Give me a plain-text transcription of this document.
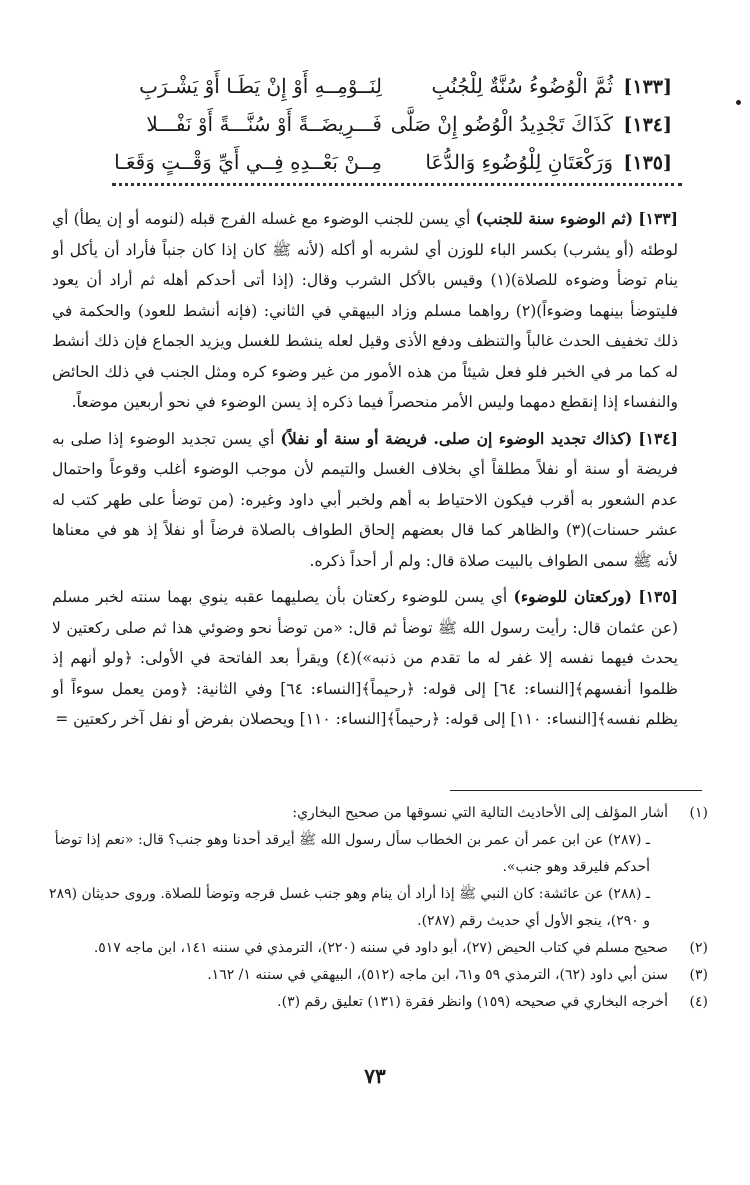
[١٣٣] ثُمَّ الْوُضُوءُ سُنَّةٌ لِلْجُنُبِ
لِنَــوْمِــهِ أَوْ إِنْ يَطَـا أَوْ يَشْـرَبِ
[١٣٤] كَذَاكَ تَجْدِيدُ الْوُضُو إِنْ صَلَّى
فَـــرِيضَــةً أَوْ سُنَّـــةً أَوْ نَفْـــلا
[١٣٥] وَرَكْعَتَانِ لِلْوُضُوءِ وَالدُّعَا
مِــنْ بَعْــدِهِ فِــي أَيِّ وَقْــتٍ وَقَعَـا

[١٣٣] (ثم الوضوء سنة للجنب) أي يسن للجنب الوضوء مع غسله الفرج قبله (لنومه أو إن يطأ) أي لوطئه (أو يشرب) بكسر الباء للوزن أي لشربه أو أكله (لأنه ﷺ كان إذا كان جنباً فأراد أن يأكل أو ينام توضأ وضوءه للصلاة)(١) وقيس بالأكل الشرب وقال: (إذا أتى أحدكم أهله ثم أراد أن يعود فليتوضأ بينهما وضوءاً)(٢) رواهما مسلم وزاد البيهقي في الثاني: (فإنه أنشط للعود) والحكمة في ذلك تخفيف الحدث غالباً والتنظف ودفع الأذى وقيل لعله ينشط للغسل ويزيد الجماع فإن ذلك أنشط له كما مر في الخبر فلو فعل شيئاً من هذه الأمور من غير وضوء كره ومثل الجنب في ذلك الحائض والنفساء إذا إنقطع دمهما وليس الأمر منحصراً فيما ذكره إذ يسن الوضوء في نحو أربعين موضعاً.

[١٣٤] (كذاك تجديد الوضوء إن صلى. فريضة أو سنة أو نفلاً) أي يسن تجديد الوضوء إذا صلى به فريضة أو سنة أو نفلاً مطلقاً أي بخلاف الغسل والتيمم لأن موجب الوضوء أغلب وقوعاً واحتمال عدم الشعور به أقرب فيكون الاحتياط به أهم ولخبر أبي داود وغيره: (من توضأ على طهر كتب له عشر حسنات)(٣) والظاهر كما قال بعضهم إلحاق الطواف بالصلاة فرضاً أو نفلاً إذ هو في معناها لأنه ﷺ سمى الطواف بالبيت صلاة قال: ولم أر أحداً ذكره.

[١٣٥] (وركعتان للوضوء) أي يسن للوضوء ركعتان بأن يصليهما عقبه ينوي بهما سنته لخبر مسلم (عن عثمان قال: رأيت رسول الله ﷺ توضأ ثم قال: «من توضأ نحو وضوئي هذا ثم صلى ركعتين لا يحدث فيهما نفسه إلا غفر له ما تقدم من ذنبه»)(٤) ويقرأ بعد الفاتحة في الأولى: ﴿ولو أنهم إذ ظلموا أنفسهم﴾[النساء: ٦٤] إلى قوله: ﴿رحيماً﴾[النساء: ٦٤] وفي الثانية: ﴿ومن يعمل سوءاً أو يظلم نفسه﴾[النساء: ١١٠] إلى قوله: ﴿رحيماً﴾[النساء: ١١٠] ويحصلان بفرض أو نفل آخر ركعتين =

(١)
أشار المؤلف إلى الأحاديث التالية التي نسوقها من صحيح البخاري:
ـ (٢٨٧) عن ابن عمر أن عمر بن الخطاب سأل رسول الله ﷺ أيرقد أحدنا وهو جنب؟ قال: «نعم إذا توضأ أحدكم فليرقد وهو جنب».
ـ (٢٨٨) عن عائشة: كان النبي ﷺ إذا أراد أن ينام وهو جنب غسل فرجه وتوضأ للصلاة. وروى حديثان (٢٨٩ و ٢٩٠)، ينجو الأول أي حديث رقم (٢٨٧).
(٢)
صحيح مسلم في كتاب الحيض (٢٧)، أبو داود في سننه (٢٢٠)، الترمذي في سننه ١٤١، ابن ماجه ٥١٧.
(٣)
سنن أبي داود (٦٢)، الترمذي ٥٩ و٦١، ابن ماجه (٥١٢)، البيهقي في سننه ١/ ١٦٢.
(٤)
أخرجه البخاري في صحيحه (١٥٩) وانظر فقرة (١٣١) تعليق رقم (٣).
٧٣
